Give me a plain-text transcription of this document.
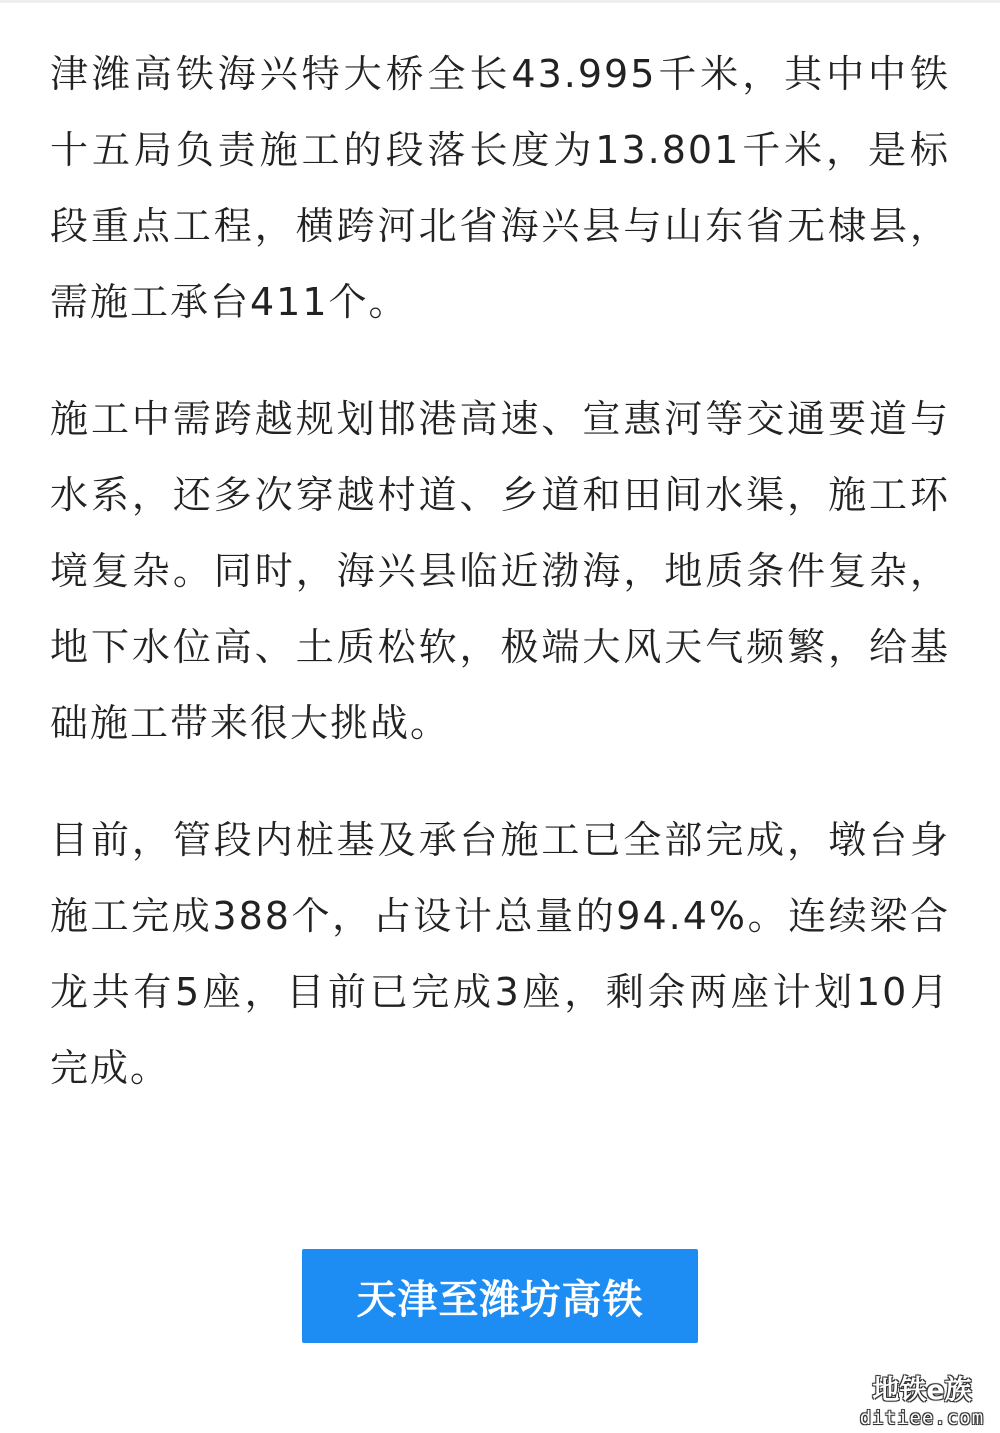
津潍高铁海兴特大桥全长43.995千米，其中中铁十五局负责施工的段落长度为13.801千米，是标段重点工程，横跨河北省海兴县与山东省无棣县，需施工承台411个。

施工中需跨越规划邯港高速、宣惠河等交通要道与水系，还多次穿越村道、乡道和田间水渠，施工环境复杂。同时，海兴县临近渤海，地质条件复杂，地下水位高、土质松软，极端大风天气频繁，给基础施工带来很大挑战。

目前，管段内桩基及承台施工已全部完成，墩台身施工完成388个，占设计总量的94.4%。连续梁合龙共有5座，目前已完成3座，剩余两座计划10月完成。

天津至潍坊高铁
地铁e族
ditiee.com
